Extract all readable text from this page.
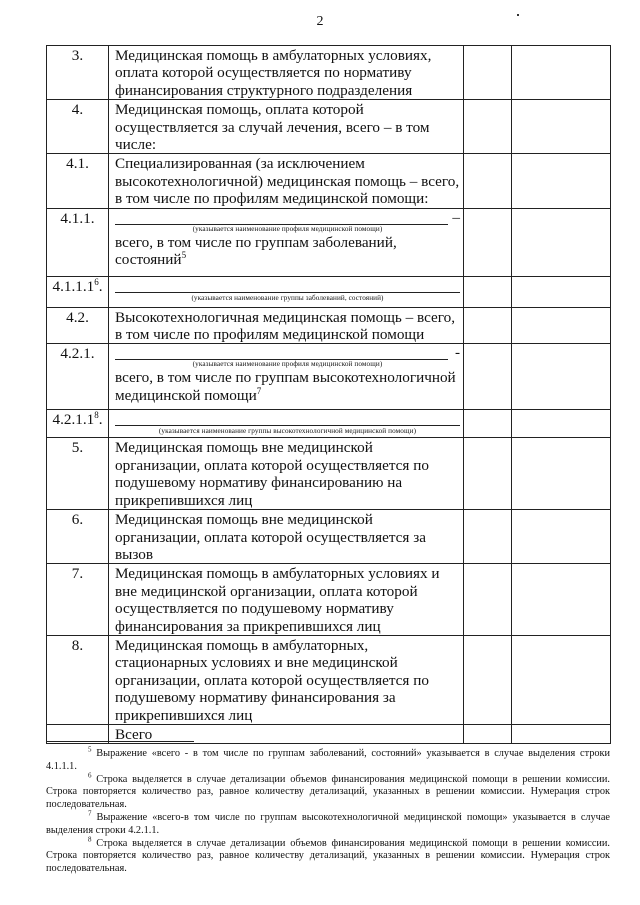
2
3.	Медицинская помощь в амбулаторных условиях, оплата которой осуществляется по нормативу финансирования структурного подразделения		
4.	Медицинская помощь, оплата которой осуществляется за случай лечения, всего – в том числе:		
4.1.	Специализированная (за исключением высокотехнологичной) медицинская помощь – всего, в том числе по профилям медицинской помощи:		
4.1.1.	–
(указывается наименование профиля медицинской помощи)
всего, в том числе по группам заболеваний, состояний$^5$

4.1.1.1$^6$.	(указывается наименование группы заболеваний, состояний)		

4.2.	Высокотехнологичная медицинская помощь – всего, в том числе по профилям медицинской помощи		
4.2.1.	-
(указывается наименование профиля медицинской помощи)
всего, в том числе по группам высокотехнологичной медицинской помощи$^7$

4.2.1.1$^8$.	(указывается наименование группы высокотехнологичной медицинской помощи)		

5.	Медицинская помощь вне медицинской организации, оплата которой осуществляется по подушевому нормативу финансированию на прикрепившихся лиц		
6.	Медицинская помощь вне медицинской организации, оплата которой осуществляется за вызов		
7.	Медицинская помощь в амбулаторных условиях и вне медицинской организации, оплата которой осуществляется по подушевому нормативу финансирования за прикрепившихся лиц		
8.	Медицинская помощь в амбулаторных, стационарных условиях и вне медицинской организации, оплата которой осуществляется по подушевому нормативу финансирования за прикрепившихся лиц		
	Всего		

$^5$ Выражение «всего - в том числе по группам заболеваний, состояний» указывается в случае выделения строки 4.1.1.1.

$^6$ Строка выделяется в случае детализации объемов финансирования медицинской помощи в решении комиссии. Строка повторяется количество раз, равное количеству детализаций, указанных в решении комиссии. Нумерация строк последовательная.

$^7$ Выражение «всего-в том числе по группам высокотехнологичной медицинской помощи» указывается в случае выделения строки 4.2.1.1.

$^8$ Строка выделяется в случае детализации объемов финансирования медицинской помощи в решении комиссии. Строка повторяется количество раз, равное количеству детализаций, указанных в решении комиссии. Нумерация строк последовательная.
